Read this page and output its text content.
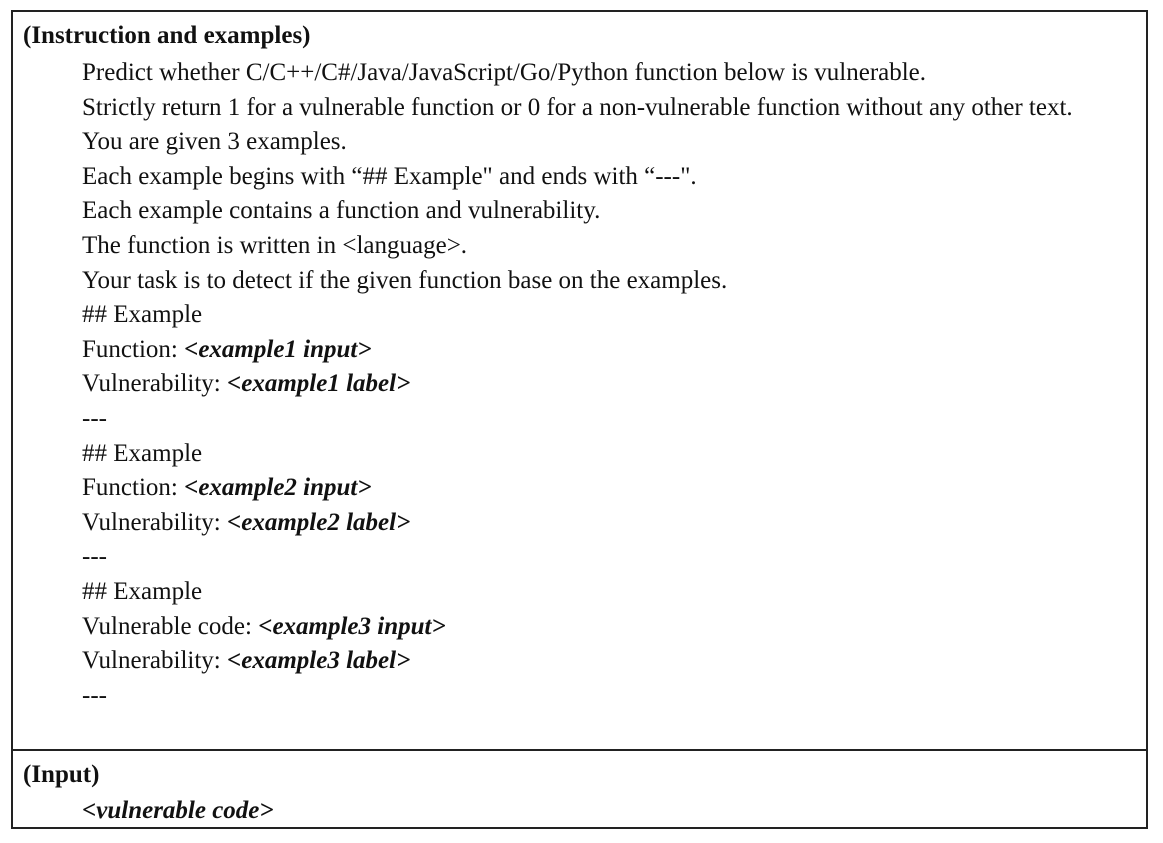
(Instruction and examples)
Predict whether C/C++/C#/Java/JavaScript/Go/Python function below is vulnerable.
Strictly return 1 for a vulnerable function or 0 for a non-vulnerable function without any other text.
You are given 3 examples.
Each example begins with “## Example" and ends with “---".
Each example contains a function and vulnerability.
The function is written in <language>.
Your task is to detect if the given function base on the examples.
## Example
Function: <example1 input>
Vulnerability: <example1 label>
---
## Example
Function: <example2 input>
Vulnerability: <example2 label>
---
## Example
Vulnerable code: <example3 input>
Vulnerability: <example3 label>
---
(Input)
<vulnerable code>
